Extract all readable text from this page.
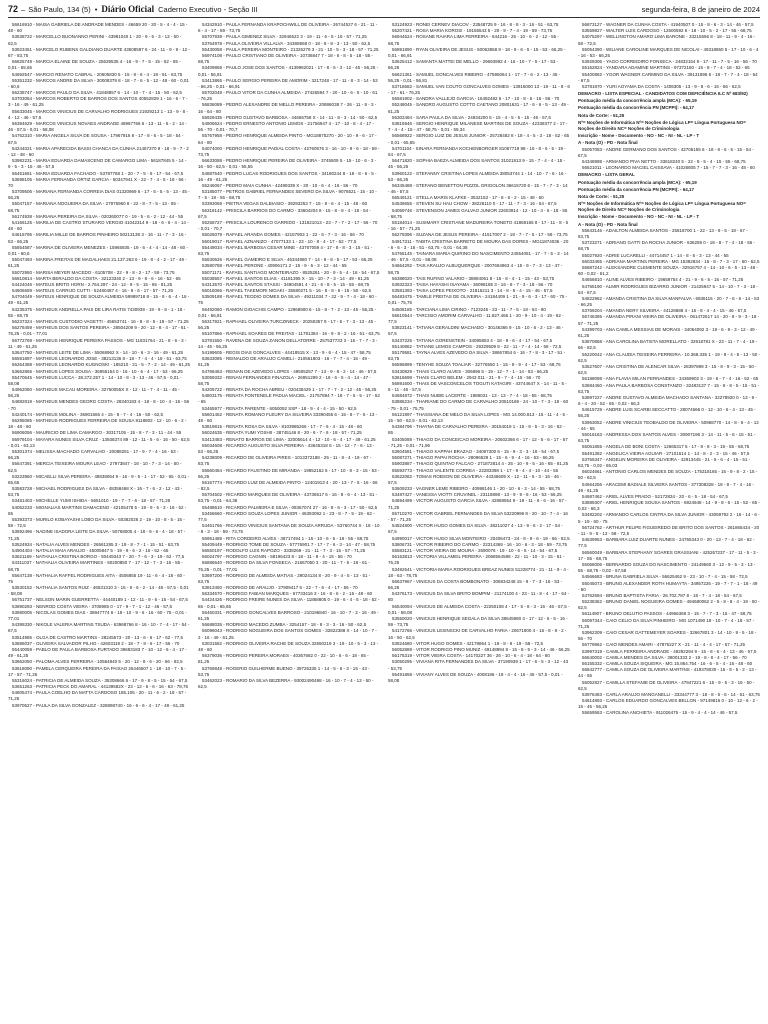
72 – São Paulo, 134 (5) • Diário Oficial Caderno Executivo - Seção III	segunda-feira, 8 de janeiro de 2024
56616910 - MAISA GABRIELA DE ANDRADE MENDES - 46659 20 - 20 - 5 - 4 - 4 - 15 - 48 - 60
53538722 - MARCELLO BUONANNO PERINI - 43981040 1 - 20 - 9 - 5 - 3 - 13 - 50 - 62,5
53823451 - MARCELO RUBENS GALDIANO DUARTE 43508587 6 - 24 - 11 - 9 - 9 - 12 - 67 - 83,75
56825749 - MARCIA ELAINE DE SOUZA - 25639535 4 - 16 - 9 - 7 - 5 - 15 - 52 - 65 - 0,01 - 65,65
54692547 - MARCIO RENATO CABRAL - 20605830 5 - 15 - 8 - 6 - 4 - 18 - 51 - 63,75
55351232 - MARCOS ANDRE DA SILVA - 30008379 8 - 18 - 7 - 6 - 5 - 12 - 48 - 60 - 0,01 - 60,6
56235747 - MARCOS PAULO DA SILVA - 41848857 6 - 14 - 10 - 7 - 4 - 15 - 50 - 62,5
53703054 - MARCOS ROBERTO DE BARROS DOS SANTOS 40552829 1 - 16 - 6 - 7 - 3 - 16 - 49 - 61,25
55633045 - MARCOS VINICIUS DE CARVALHO RODRIGUES 21929213 1 - 13 - 9 - 8 - 4 - 12 - 46 - 57,5
56384629 - MARCOS VINICIUS NOVAES ANDRADE 48967766 6 - 13 - 11 - 6 - 2 - 14 - 46 - 57,5 - 0,01 - 58,08
54762310 - MARIA ANGELA SILVA DE SOUSA - 17967916 8 - 17 - 8 - 6 - 5 - 18 - 54 - 67,5
54244021 - MARIA APARECIDA BASSI CHANCA DA CUNHA 21467370 9 - 18 - 9 - 7 - 2 - 12 - 48 - 60
53982231 - MARIA EDUARDA DAMASCENO DE CAMARGO LIMA - 56187845 5 - 14 - 9 - 5 - 3 - 15 - 46 - 57,5
56451661 - MARIA EDUARDA FACHADO - 53787768 1 - 20 - 7 - 5 - 5 - 17 - 54 - 67,5
53698105 - MARIA FERNANDA ORTIZ GARCIA - 50347941 X - 22 - 7 - 4 - 5 - 18 - 56 - 70
53709506 - MARIANA FERNANDA CORREIA DIAS 01320969 6 - 17 - 5 - 5 - 5 - 13 - 45 - 56,25
55047157 - MARIANA NOGUEIRA DA SILVA - 27975960 8 - 22 - 8 - 7 - 5 - 13 - 55 - 68,75
56174938 - MARIANA PEREIRA DA SILVA - 020360077 0 - 19 - 5 - 6 - 2 - 12 - 44 - 55
54166125 - MARILIA DE CASTRO STURARO VERGIO 41042314 9 - 18 - 6 - 6 - 4 - 14 - 48 - 60
54615795 - MARILIA MILLE DE BARROS PINHEIRO 50213138 3 - 16 - 11 - 7 - 3 - 16 - 53 - 66,25
55854587 - MARINA DE OLIVEIRA MENEZES - 15965935 - 19 - 6 - 4 - 4 - 14 - 48 - 60 - 0,01 - 60,6
55047493 - MARINA FREITAS DE MAGALHAES 21.137.263 6 - 19 - 8 - 4 - 2 - 17 - 49 - 61,25
55072950 - MARISA MEYER MACEDO - 6105708 - 22 - 9 - 8 - 2 - 17 - 59 - 73,75
56810814 - MARTA BERALDO DA COSTA - 32123340 2 - 13 - 9 - 8 - 6 - 16 - 52 - 65
54424046 - MATEUS BRITO HORN - 2.764.297 - 24 - 12 - 9 - 5 - 15 - 65 - 81,25
54606659 - MATEUS CARRIJO CUTTI - 52480487 4 - 16 - 9 - 6 - 17 - 57 - 71,25
54704049 - MATEUS HENRIQUE DE SOUZA ALMEIDA 59989718 8 - 15 - 8 - 6 - 4 - 16 - 49 - 61,25
54235375 - MATHEUS ANDRELLA PAIS DE LIRA RATIS 7430939 - 19 - 9 - 8 - 1 - 18 - 55 - 68,75
56237324 - MATHEUS CUSTODIO VAGETTI - 45653741 - 16 - 9 - 8 - 5 - 19 - 57 - 71,25
56278459 - MATHEUS DOS SANTOS PEREIRA - 28504209 9 - 20 - 12 - 8 - 4 - 17 - 61 - 76,25 - 0,01 - 77,01
56772769 - MATHEUS HENRIQUE PEREIRA PASSOS - MG 11831764 - 21 - 8 - 6 - 3 - 11 - 49 - 61,25
53647750 - MATHEUS LEITE DE LIMA - 55068962 X - 14 - 10 - 6 - 3 - 16 - 49 - 61,25
56591897 - MATHEUS LEONARDO JOSE - 38213136 8 - 18 - 7 - 4 - 4 - 18 - 51 - 63,75
56264388 - MATHEUS LEONARDO KUGNOSKI - 185210 - 21 - 5 - 7 - 2 - 14 - 49 - 61,25
53662865 - MATHEUS LOPES SOUSA - 36955154 0 - 16 - 10 - 6 - 4 - 17 - 53 - 66,25
55470645 - MATHEUS LUCCA - 38.272.257 1 - 14 - 10 - 8 - 3 - 13 - 46 - 57,5 - 0,01 - 58,08
54962060 - MATHEUS MACAU MOREIRA - 32760055X X - 12 - 11 - 7 - 4 - 11 - 45 - 56,25
54882819 - MATHEUS MENDES GEORG COSTA - 28340183 4 - 18 - 8 - 10 - 4 - 16 - 56 - 70
54240174 - MATHEUS MOLINA - 36901565 4 - 15 - 8 - 7 - 4 - 16 - 50 - 62,5
56295085 - MATHEUS RODRIGUES FERREIRA DE SOUSA 9118802 - 12 - 10 - 6 - 2 - 18 - 48 - 60
56906056 - MAURICIO DE LIMA CAMARGO - 30317105 - 15 - 8 - 7 - 3 - 11 - 44 - 55
56979104 - MAYARA NUNES SILVA CRUZ - 13938374 89 - 12 - 11 - 5 - 6 - 16 - 50 - 62,5 - 0,01 - 63,13
55301374 - MELISSA MACHADO CARVALHO - 20088251 - 17 - 9 - 7 - 4 - 16 - 53 - 66,25
55647391 - MERCIA TEIXEIRA MOURA LEAO - 27973847 - 18 - 10 - 7 - 3 - 14 - 50 - 62,5
53223960 - MICAELLI SILVA PEREIRA - 48838064 9 - 16 - 9 - 5 - 1 - 17 - 52 - 65 - 0,01 - 65,65
53583728 - MICHAEL RODRIGUES DA SILVA - 48358468 X - 16 - 7 - 6 - 2 - 12 - 43 - 53,75
53481403 - MICHELLE YUMI ISHIDA - 5651010 - 19 - 7 - 7 - 6 - 18 - 57 - 71,25
54052233 - MIGNALIAS MARTINS DAMACENO - 42105478 5 - 19 - 9 - 5 - 3 - 16 - 52 - 65
55393373 - MURILO KOBAYASHI LOBO DA SILVA - 50382026 2 - 19 - 10 - 8 - 5 - 16 - 58 - 72,5
53892496 - NADINE ISADORA LEITE DA SILVA - 50768005 4 - 18 - 9 - 6 - 4 - 18 - 57 - 71,25
53524934 - NATALIA ALVES MENDES - 26561285 3 - 19 - 8 - 7 - 1 - 15 - 51 - 63,75
54904404 - NATALIA MAIA ARAUJO - 45005847 5 - 19 - 8 - 6 - 2 - 16 - 52 - 65
53621169 - NATHALIA CRISTINA BORGO - 50449343 7 - 20 - 7 - 6 - 3 - 19 - 62 - 77,5
54311037 - NATHALIA OLIVEIRA MARTINES - 50200850 7 - 17 - 12 - 7 - 3 - 16 - 55 - 68,75
55647138 - NATHALIA RAFFEL RODRIGUES AITA - 4506855 19 - 11 - 6 - 4 - 18 - 60 - 75
53530152 - NATHALIA SANTOS RUIZ - 46531310 3 - 15 - 9 - 6 - 2 - 14 - 46 - 57,5 - 0,01 - 58,08
56751737 - NELSON MARIN GUERRETTA - 44440189 1 - 12 - 11 - 9 - 6 - 16 - 54 - 67,5
53890293 - NENROD COSTA VIEIRA - 3708985 0 - 17 - 9 - 7 - 1 - 12 - 46 - 57,5
53880005 - NICOLAS GOMES DIAS - 38947774 6 - 19 - 10 - 9 - 6 - 16 - 60 - 75 - 0,01 - 77,01
54395330 - NIKOLE VALERIA MARTINS TSUDA - 63968766 8 - 16 - 10 - 7 - 4 - 17 - 54 - 67,5
53514985 - OLGA DE CASTRO MARTINS - 28245573 - 20 - 13 - 6 - 6 - 17 - 62 - 77,5
53886037 - OLIVEIRA SALVADOR PILHO - 42603119 2 - 18 - 7 - 8 - 6 - 17 - 56 - 70
55440059 - PABLO DE PAULA BARBOSA FURTADO 39683183 7 - 10 - 12 - 6 - 4 - 17 - 49 - 61,25
53862050 - PALOMA ALVES FERREIRA - 10564840 5 - 20 - 12 - 8 - 6 - 20 - 66 - 82,5
53618090 - PAMELA CERQUEIRA PEREIRA DA PAIXAO 26446507 1 - 18 - 10 - 7 - 5 - 17 - 57 - 71,25
55316024 - PATRICIA DE ALMEIDA SOUZA - 35308666 6 - 17 - 9 - 8 - 5 - 15 - 54 - 67,5
53651263 - PATRICIA PECK DO AMARAL - 44139582X - 23 - 12 - 6 - 6 - 16 - 63 - 78,75
54805474 - PAULA COELHO DA MATTA CARDOSO 185.105 - 20 - 11 - 6 - 2 - 18 - 57 - 71,25
53970527 - PAULA DA SILVA GONZALEZ - 328898740 - 16 - 6 - 6 - 4 - 17 - 49 - 61,25
54342910 - PAULA FERNANDA KRAPOCHWILL DE OLIVEIRA - 26744527 6 - 21 - 11 - 6 - 4 - 17 - 59 - 73,75
55707939 - PAULA GIMENEZ SILVA - 32946522 3 - 19 - 11 - 6 - 5 - 16 - 57 - 71,25
53764978 - PAULA OLIVEIRA VILLALVA - 34388668 0 - 18 - 8 - 8 - 3 - 13 - 50 - 62,5
55430058 - PAULA PEREIRA MONTEIRO - 21326279 3 - 21 - 10 - 5 - 3 - 18 - 57 - 71,25
56974108 - PAULO CRISTIANO DE OLIVEIRA - 10736847 7 - 18 - 6 - 8 - 5 - 18 - 55 - 68,75
53409869 - PAULO JOSE DOS SANTOS - 4139982021 - 17 - 8 - 5 - 3 - 12 - 45 - 56,25 - 0,01 - 56,81
53413865 - PAULO SERGIO PEREIRA DE AMORIM - 3217248 - 17 - 11 - 8 - 3 - 14 - 53 - 66,25 - 0,01 - 66,91
55702048 - PAULO VITOR DA CUNHA ALMEIDA - 27426594 7 - 20 - 10 - 6 - 5 - 10 - 61 - 76,25
56836089 - PEDRO ALEXANDRE DE MELLO PEREIRA - 20886038 7 - 26 - 11 - 8 - 3 - 16 - 64 - 80
55929435 - PEDRO GUSTAVO BARBOSA - 44665758 X - 14 - 11 - 8 - 3 - 14 - 50 - 62,5
54906624 - PEDRO ERNESTO ANTONIO LEMOS - 21756947 4 - 17 - 10 - 8 - 4 - 17 - 56 - 70 - 0,01 - 70,7
55767958 - PEDRO HENRIQUE ALMEIDA PINTO - MG18875270 - 20 - 10 - 9 - 6 - 17 - 64 - 80
54074000 - PEDRO HENRIQUE PADIAL COSTA - 42760576 3 - 16 - 10 - 9 - 6 - 18 - 59 - 73,75
56633088 - PEDRO HENRIQUE PEREIRA DE OLIVEIRA - 3745509 5 - 15 - 10 - 6 - 3 - 16 - 50 - 62,5 - 0,01 - 55,55
54887540 - PEDRO LUCAS RODRIGUES DOS SANTOS - 34180244 8 - 18 - 8 - 6 - 5 - 16 - 49 - 61,25
55246067 - PEDRO MAIA CUNHA - 42499339 X - 20 - 10 - 6 - 4 - 16 - 56 - 70
53185077 - PETROS GABRIEL FERNANDES SEVERO DA SILVA - 9076521 - 15 - 10 - 7 - 5 - 18 - 55 - 68,75
53393069 - PIETRA VEGAS DALBIASIO - 39293253 7 - 15 - 8 - 6 - 4 - 15 - 48 - 60
56318142 - PRISCILA BARRIOS DO CARMO - 33604204 8 - 15 - 8 - 8 - 4 - 18 - 54 - 67,5
55258727 - PRISCILA LOURENCO GARRIDO - 131621013 - 23 - 7 - 7 - 2 - 17 - 56 - 70 - 0,01 - 70,7
55026079 - RAFAEL ARANDA GOMES - 42157903 1 - 22 - 6 - 7 - 3 - 16 - 56 - 70
56019017 - RAFAEL AZNANIZO - 47077133 1 - 23 - 10 - 8 - 4 - 17 - 62 - 77,5
55449034 - RAFAEL BARBOSA CESAR MINE - 43767059 4 - 17 - 8 - 8 - 3 - 15 - 51 - 63,75
55630626 - RAFAEL GAMEIRO E SILVA - 46344880 7 - 14 - 9 - 8 - 5 - 17 - 53 - 66,25
53580788 - RAFAEL PERONE - 40906171 2 - 15 - 9 - 5 - 3 - 12 - 44 - 55
55071171 - RAFAEL SANTIAGO MONTEIRAZO - 8525261 - 20 - 9 - 5 - 4 - 16 - 54 - 67,5
55038557 - RAFAEL SANTOS ELIAS - 41181395 X - 15 - 10 - 7 - 3 - 14 - 49 - 61,25
54313570 - RAFAEL SANTOS STASSI - 34904591 4 - 21 - 6 - 8 - 5 - 15 - 55 - 68,75
56016066 - RAFAEL TAKEMORI NIGAKI - 35580271 5 - 16 - 8 - 8 - 6 - 15 - 50 - 62,5
53509188 - RAFAEL TEODIO GOMES DA SILVA - 49211034 7 - 22 - 9 - 7 - 4 - 18 - 60 - 75
56492060 - RAMON GIOACHIS CAMPO - 12968900 6 - 15 - 8 - 7 - 2 - 13 - 45 - 56,25 - 0,01 - 56,81
56317921 - RAPHAEL OLIVEIRA TURCZINECK - 20250357 9 - 17 - 5 - 7 - 3 - 13 - 45 - 56,25
55107866 - RAPHAEL SOARES DE FREITAS - 11791384 - 16 - 9 - 8 - 2 - 16 - 51 - 63,75
53781550 - RAVENA DE SOUZA ZANON DELLATORRE - 257537733 3 - 16 - 7 - 7 - 3 - 14 - 45 - 56,25
54199605 - REGIS DIAS GONCALVES - 44418515 X - 13 - 9 - 6 - 4 - 15 - 47 - 58,75
53633085 - REINALDO DE ARAUJO CAMELI - 210561803 - 16 - 7 - 7 - 4 - 15 - 49 - 61,25
54768463 - REINAN DE AZEVEDO LOPES - 49505257 7 - 13 - 9 - 8 - 2 - 14 - 46 - 57,5
53059332 - RENAN FERNANDES FINAZOLA - 26951299 2 - 18 - 6 - 5 - 4 - 14 - 47 - 58,75
54205722 - RENATA DA ROCHA ABREU - 020438429 1 - 17 - 7 - 7 - 2 - 12 - 45 - 56,25
54803175 - RENATA FONTENELE PADUA MACIEL - 21757894 7 - 18 - 7 - 5 - 5 - 17 - 52 - 65
53465977 - RENATA PARENTE - 6050092 SSP - 18 - 9 - 4 - 4 - 15 - 50 - 62,5
55601452 - RENATA ROMANO FLEURY DA SILVEIRA 33390455 6 - 15 - 8 - 7 - 5 - 13 - 48 - 60
53819815 - RENATA ROSA DA SILVA - 8103985266 - 17 - 7 - 6 - 4 - 15 - 48 - 60
56024635 - RENATA YUMI YOSHII - 38745146 8 - 20 - 6 - 7 - 6 - 18 - 57 - 71,25
53413483 - RENATO BARROS DE LIMA - 32005614 4 - 12 - 10 - 6 - 4 - 17 - 49 - 61,25
55034608 - RICARDO AUGUSTO SILVA PEREIRA - 43645318 6 - 15 - 12 - 7 - 6 - 13 - 53 - 66,25
54238009 - RICARDO DE OLIVEIRA PIRES - 1013372188 - 25 - 11 - 8 - 4 - 19 - 67 - 83,75
55560464 - RICARDO FAUSTINO DE MIRANDA - 19852162 5 - 17 - 10 - 8 - 3 - 15 - 53 - 66,25
56167774 - RICARDO LUIZ DE ALMEIDA PINTO - 12401913 4 - 20 - 13 - 7 - 5 - 16 - 66 - 82,5
55704502 - RICARDO MARQUES DE OLIVEIRA - 43736517 6 - 16 - 8 - 6 - 4 - 13 - 51 - 63,75 - 0,01 - 64,38
55488610 - RICARDO PALMEIRA E SILVA - 08367074 27 - 16 - 8 - 6 - 3 - 17 - 50 - 62,5
53456660 - RICARDO SOUZA LOPES JUNIOR - 46393092 1 - 23 - 8 - 7 - 5 - 19 - 62 - 77,5
54461766 - RICARDO VINICIUS SANTANA DE SOUZA ARRUDA - 53760744 X - 18 - 10 - 8 - 3 - 18 - 59 - 73,75
56951488 - RITA CORDEIRO ALVES - 38717494 1 - 16 - 10 - 6 - 5 - 18 - 55 - 68,75
55409449 - RODRIGO TOME DE SOUZA - 57776901 7 - 17 - 7 - 6 - 3 - 14 - 47 - 58,75
56550197 - RODOLFO LUIS RAPOZO - 3338269 - 21 - 11 - 7 - 3 - 15 - 57 - 71,25
56024797 - RODRIGO CAGNIN - 58196423 8 - 18 - 11 - 8 - 4 - 15 - 56 - 70
56886640 - RODRIGO DA SILVA FONSECA - 21667050 3 - 20 - 11 - 7 - 5 - 18 - 61 - 76,25 - 0,01 - 77,01
53697200 - RODRIGO DE ALMEIDA MATIAS - 29024134 8 - 20 - 9 - 4 - 5 - 13 - 51 - 63,75
53813450 - RODRIGO DE ARAUJO - 27909417 6 - 22 - 7 - 6 - 4 - 17 - 56 - 70
56334570 - RODRIGO FABIAN MARQUES - 67733416 3 - 16 - 8 - 6 - 2 - 16 - 48 - 60
54424426 - RODRIGO FREIRE NUNES DA SILVA - 11868805 0 - 19 - 6 - 4 - 5 - 18 - 52 - 65 - 0,01 - 65,65
55460331 - RODRIGO GONCALVES BARROSO - 210196840 - 16 - 10 - 7 - 2 - 16 - 49 - 61,25
56688035 - RODRIGO MACEDO ZUMBA - 3254157 - 18 - 8 - 3 - 3 - 16 - 50 - 62,5
56096043 - RODRIGO NOGUEIRA DOS SANTOS GOMES - 32822388 X - 14 - 10 - 7 - 2 - 16 - 49 - 61,25
53031582 - RODRIGO OLIVEIRA RACHE DE SOUZA 32650219 3 - 19 - 10 - 5 - 3 - 13 - 48 - 60
56379036 - RODRIGO PEREIRA MORAES - 40367682 0 - 22 - 10 - 6 - 6 - 18 - 65 - 81,25
53769848 - ROGERIO GUILHERME BUENO - 39726335 1 - 14 - 5 - 6 - 3 - 15 - 43 - 53,75
53462023 - ROMARIO DA SILVA BEZERRA - 93002490498 - 16 - 10 - 7 - 4 - 13 - 50 - 62,5
53124923 - RONEI CERNEV DIACOV - 23548725 9 - 16 - 8 - 8 - 3 - 16 - 51 - 63,75
55207421 - ROSA MARIA KOROSI - 19155543 5 - 20 - 9 - 7 - 4 - 19 - 59 - 73,75
56944624 - ROSANE RAIARA LIMA FERREIRA - 644216 - 25 - 10 - 6 - 2 - 12 - 55 - 68,75
56891890 - RYAN OLIVEIRA DE JESUS - 50063868 8 - 18 - 9 - 6 - 5 - 15 - 53 - 66,25 - 0,01 - 66,91
53625412 - SAMANTA MATTEI DE MELLO - 29693992 4 - 16 - 10 - 7 - 5 - 17 - 53 - 66,25
56621361 - SAMUEL GONCALVES RIBEIRO - 47595064 1 - 17 - 7 - 6 - 2 - 13 - 45 - 56,25 - 0,01 - 56,81
53718682 - SAMUEL VAN COUTO GONCALVES GOMES - 13916000 13 - 19 - 11 - 8 - 6 - 17 - 61 - 76,25
56581902 - SANDRA VALLEJO GARCIA - 16492482 6 - 17 - 10 - 8 - 5 - 16 - 56 - 70
55248045 - SANDRO AUGUSTO COTTO CAETANO 20801631 - 17 - 6 - 6 - 5 - 13 - 49 - 61,25
55302484 - SARA PAULA DA SILVA - 24934200 5 - 15 - 4 - 5 - 5 - 15 - 46 - 57,5
53816946 - SERGIO HENRIQUE MILANESE MARTINS DE SOUZA - 42338377 2 - 17 - 7 - 4 - 4 - 15 - 47 - 58,75 - 0,01 - 59,34
56568922 - SERGIO LUIZ DE JESUS JUNIOR - 25728482 8 - 18 - 4 - 5 - 3 - 18 - 52 - 65 - 0,01 - 65,65
54701104 - SINARA FERNANDA KOCHENBORGER 81067719 88 - 16 - 8 - 6 - 5 - 19 - 54 - 67,5
56471820 - SOPHIA BAEZA ALMEIDA DOS SANTOS 31021913 9 - 15 - 7 - 4 - 4 - 15 - 45 - 56,25
53960122 - STEFANNY CRISTINA LOPES ALMEIDA 38053744 1 - 14 - 10 - 7 - 6 - 16 - 53 - 66,25
56345488 - STEFANO BENETTON PIZZOL GRIGOLON 36615720 6 - 15 - 7 - 7 - 3 - 14 - 46 - 57,5
56549121 - STELLA MARIS KLAFKE - 3532153 - 17 - 8 - 6 - 2 - 15 - 48 - 60
54538655 - STEVEN SU HAU CHOW - 38226110 0 - 17 - 11 - 7 - 3 - 16 - 54 - 67,5
54059746 - STEVENSON JAMES GALVAO JUNIOR 22603914 - 12 - 10 - 4 - 5 - 18 - 55 - 68,75
55184014 - SUSIMARY CRISTIANE MADUREIRA TONETO 41869165 8 - 17 - 11 - 8 - 5 - 16 - 57 - 71,25
56279396 - SUZANA DE JESUS PEREIRA - 41517007 2 - 18 - 7 - 7 - 5 - 17 - 59 - 73,75
54917311 - TABITA CRISTINA BARRETO DE MOURA DAS DORES - MG11874036 - 20 - 6 - 6 - 3 - 16 - 51 - 63,75 - 0,01 - 64,38
54765145 - TAINARA MARIA QUIRINO DO NASCIMENTO 24554051 - 17 - 7 - 5 - 3 - 14 - 46 - 57,5 - 0,01 - 58,08
54664292 - TAIS ARAUJO ALBUQUERQUE - 2007694963 4 - 15 - 9 - 7 - 3 - 13 - 47 - 58,75
56388020 - TAIS RUFINO VALARIO - 38894061 8 - 15 - 8 - 4 - 1 - 15 - 43 - 53,75
53932323 - TAISA HAYASHI ISAYAMA - 36098185 3 - 16 - 9 - 7 - 3 - 18 - 56 - 70
53581393 - TAISA LOPES PEIXOTO - 21816211 3 - 14 - 8 - 5 - 4 - 15 - 46 - 57,5
56483475 - TAMILE FREITAS DE OLIVEIRA - 24184409 1 - 21 - 9 - 6 - 3 - 17 - 60 - 75 - 0,01 - 75,75
54508185 - TARCIANA LIMA CIRINO - 7123245 - 23 - 11 - 7 - 5 - 18 - 64 - 80
55610544 - TARCISIO AMORIM CARVALHO - 11.827.466 1 - 20 - 9 - 10 - 4 - 19 - 62 - 77,5
53823141 - TATIANA GERALDINI MACHADO - 30146366 9 - 15 - 10 - 6 - 2 - 13 - 46 - 57,5
53437225 - TATIANA GORENSTEIN - 34095853 4 - 18 - 9 - 6 - 4 - 17 - 54 - 67,5
55140862 - TATIANE LEMOS CAMPOS - 29329509 8 - 22 - 11 - 7 - 4 - 14 - 58 - 72,5
55179581 - TAYNA ALVES AZEVEDO DA SILVA - 38667854 6 - 16 - 7 - 8 - 3 - 17 - 51 - 63,75
56596899 - TENYHE SOUZA TOALIAR - 32776550 1 - 15 - 8 - 9 - 4 - 17 - 53 - 68,75
53430829 - THAIS CLARO ALVES - 306896 5 - 19 - 12 - 7 - 1 - 14 - 53 - 66,25
53616698 - THAIS CLARO BELEM - 2943 011 - 21 - 9 - 7 - 4 - 15 - 56 - 70
56891600 - THAIS DE VASCONCELOS TOGUTI KATAGIRI - 43744647 X - 14 - 11 - 5 - 5 - 11 - 46 - 57,5
54684872 - THAIS NUBIE LACERTE - 1988031 - 13 - 13 - 7 - 4 - 18 - 55 - 68,75
53886234 - THARIANE DO CARMO DE CARVALHO 20510169 - 24 - 10 - 7 - 3 - 18 - 60 - 75 - 0,01 - 75,75
56121997 - THASSIANA DE MELO DA SILVA LOPES - MG 14.000.813 - 15 - 11 - 4 - 5 - 15 - 50 - 62,5 - 0,01 - 63,13
54384796 - THAYNA DE CARVALHO PEREIRA - 30154019 1 - 15 - 9 - 5 - 3 - 16 - 52 - 65
53405088 - THIAGO DA CONCEICAO MOREIRA - 20502366 6 - 17 - 12 - 5 - 6 - 17 - 57 - 71,25 - 0,01 - 71,96
53604581 - THIAGO KAPPAH BRAZAO - 34097300 6 - 15 - 9 - 3 - 3 - 18 - 54 - 67,5
55087271 - THIAGO PAPAI ROCHA - 28096529 1 - 15 - 6 - 9 - 4 - 16 - 53 - 66,25
55903887 - THIAGO QUINTAO FALCAO - 271872814 4 - 25 - 10 - 9 - 5 - 16 - 65 - 81,25
55593773 - THIAGO VALENTE CORREA - 22283398 1 - 17 - 9 - 4 - 4 - 10 - 44 - 55
53622082 - TOMAS ROBSON DE OLIVEIRA - 44346609 X - 12 - 11 - 5 - 3 - 15 - 46 - 57,5
53609233 - VAGNER LEME RIBEIRO - 40998146 1 - 20 - 10 - 6 - 3 - 14 - 55 - 68,75
53487427 - VANESSA VIOTTI CRUVINEL - 23118898 - 13 - 9 - 9 - 6 - 16 - 53 - 66,25
54694499 - VICTOR AUGUSTO GARCIA SILVA - 42868554 9 - 19 - 11 - 6 - 6 - 16 - 57 - 71,25
55710270 - VICTOR GABRIEL FERNANDES DA SILVA 53220996 8 - 20 - 10 - 7 - 4 - 16 - 57 - 71,25
54824800 - VICTOR HUGO GOMES DA SILVA - 38211027 4 - 13 - 9 - 6 - 2 - 17 - 54 - 67,5
54990017 - VICTOR HUGO SILVA MONTEIRO - 20406473 - 24 - 8 - 9 - 6 - 19 - 66 - 82,5
53806731 - VICTOR RIBEIRO DO CARMO - 22314369 - 16 - 10 - 6 - 3 - 18 - 59 - 73,75
55583121 - VICTOR VIEIRA DE MOURA - 2690076 - 19 - 10 - 6 - 5 - 14 - 54 - 67,5
56153813 - VICTORIA VILLAMEIL PEREIRA - 2068564588 - 22 - 11 - 10 - 3 - 15 - 61 - 76,25
53492641 - VICTORIA MARIA RODRIGUES BREAZ NUNES 51228774 - 21 - 11 - 9 - 4 - 18 - 63 - 78,75
56637967 - VINICIUS DA COSTA BOMBONATO - 306834248 15 - 9 - 7 - 3 - 16 - 53 - 66,25
54376173 - VINICIUS DA SILVA BRITO BOMPIM - 21174100 4 - 23 - 11 - 8 - 4 - 17 - 64 - 80
56540094 - VINICIUS DE ALMEIDA COSTA - 22250108 4 - 17 - 5 - 8 - 3 - 16 - 46 - 57,5 - 0,01 - 58,08
53550020 - VINICIUS HENRIQUE SEGALA DA SILVA 38645980 4 - 17 - 12 - 5 - 5 - 16 - 59 - 73,75
54172766 - VINICIUS LESINSCKI DE CARVALHO FARIA - 20671900 4 - 16 - 8 - 8 - 2 - 16 - 50 - 62,5
53824680 - VITOR HUGO GOMES - 42178864 1 - 19 - 8 - 8 - 19 - 58 - 72,5
56052889 - VITOR RODRIGO PINO MUNIZ - 49148994 8 - 15 - 8 - 5 - 3 - 14 - 46 - 56,25
56175319 - VITOR VIEIRA COSTA - 14170227 36 - 26 - 10 - 6 - 4 - 18 - 64 - 80
53050295 - VIVIANA RITA FERNANDES DA SILVA - 37190939 1 - 17 - 6 - 5 - 3 - 12 - 43 - 53,75
55491858 - VIVIANY ALVES DE SOUZA - 4008186 - 19 - 4 - 4 - 16 - 46 - 57,5 - 0,01 - 58,08
56873127 - WAGNER DA CUNHA COSTA - 41940507 0 - 15 - 8 - 6 - 3 - 14 - 46 - 57,5
53559827 - WALTER LUIS CARDOSO - 12500592 6 - 18 - 10 - 5 - 2 - 17 - 55 - 68,75
54075297 - WELLINGTON AMARO LIMA BARONE - 33215556 8 - 18 - 11 - 9 - 4 - 16 - 58 - 72,5
55054390 - WILIANE CAROLINE MARQUES DE NICOLAI - 49318860 5 - 17 - 10 - 6 - 4 - 16 - 53 - 66,25
53929306 - YAGO CORREIDIRO FONSECA - 24832154 9 - 17 - 11 - 7 - 5 - 16 - 56 - 70
55162824 - YANDARA ADAMINE MARTINS - 97372160 - 15 - 8 - 7 - 4 - 18 - 52 - 65
55400882 - YGOR WAGNER CARMINO DA SILVA - 39131896 6 - 18 - 7 - 7 - 4 - 18 - 54 - 67,5
53781970 - YURI AOYAMA DA COSTA - 1408305 - 13 - 9 - 8 - 6 - 16 - 56 - 62,5
DEMACRO - LISTA ESPECIAL - CANDIDATOS COM DEFICIÊNCIA ILC Nº 683/92)
Pontuação média da concorrência ampla (MCA): - 65,19
Pontuação média da concorrência PN (MCPPI): - 64,17
Nota de Corte: - 51,25
Nº= Noções de Informática Nº= Noções de Lógica LP= Língua Portuguesa NO= Noções de Direito NC= Noções de Criminologia
Inscrição - Nome - Documento - NO - NC - NI - NL - LP - T
A - Nota (O) - PD - Nota final
55057083 - ANDRE GERMANO DOS SANTOS - 42706155 6 - 18 - 8 - 6 - 5 - 15 - 54 - 67,5
54348998 - ARMANDO PIVA NETTO - 33618240 5 - 22 - 9 - 5 - 4 - 15 - 55 - 68,75
56621011 - LEONARDO MACIEL CAISSAVA - 41026805 7 - 15 - 7 - 7 - 3 - 16 - 48 - 60
DEMACRO - LISTA GERAL
Pontuação média da concorrência ampla (MCA): - 65,19
Pontuação média da concorrência PN (MCPPI): - 64,17
Nota de Corte: - 51,25
Nº= Noções de Informática Nº= Noções de Lógica LP= Língua Portuguesa NO= Noções de Direito NC= Noções de Criminologia
Inscrição - Nome - Documento - NO - NC - NI - NL - LP - T
A - Nota (O) - PD - Nota final
55643146 - ADAILTON ALMEIDA SANTOS - 25818700 1 - 22 - 13 - 9 - 5 - 18 - 67 - 83,75
53723271 - ADRIANO GATTI DA ROCHA JUNIOR - 636259 0 - 18 - 8 - 7 - 4 - 18 - 55 - 68,75
55027920 - ADRIE LUCARELLI - 44714457 1 - 14 - 8 - 6 - 3 - 13 - 44 - 55
56033465 - ADRIANA MARTINS PEREIRA - MG 15392834 - 15 - 8 - 7 - 3 - 17 - 50 - 62,5
56887242 - ALEKSANDRE CLEMENTE SOUZA - 32916757 4 - 14 - 10 - 6 - 5 - 13 - 48 - 60 - 0,02 - 61,2
54656810 - ALINE ALVES RIBEIRO - 19659754 4 - 21 - 9 - 6 - 5 - 16 - 57 - 71,25
54765190 - ALMIR RODRIGUES BIZARRO JUNIOR - 21425947 5 - 14 - 10 - 7 - 3 - 18 - 54 - 67,5
54822962 - AMANDA CRISTINA DA SILVA MANFALVA - 6936116 - 20 - 7 - 6 - 6 - 14 - 53 - 66,25
53769204 - AMANDA NERY SILVEIRA - 44128688 4 - 15 - 8 - 4 - 4 - 15 - 46 - 57,5
56746385 - AMANDA PIRANI VIEIRA DE OLIVEIRA - 061472617 14 - 20 - 8 - 9 - 3 - 18 - 57 - 71,25
54399703 - ANA CAMILA MESSIAS DE MORAIS - 34064092 3 - 19 - 6 - 9 - 3 - 12 - 49 - 61,25
53870858 - ANA CAROLINA BATISTA MORELLATO - 32918781 X - 23 - 11 - 7 - 4 - 19 - 66 - 82,5
56220042 - ANA CLAUDIA TEIXEIRA FERREIRA - 10.368.335 1 - 19 - 9 - 4 - 5 - 13 - 50 - 62,5
53527607 - ANA CRISTINA DE ALENCAR SILVA - 28397899 3 - 15 - 8 - 9 - 3 - 15 - 50 - 62,5
56188098 - ANA FLAVIA MILAN FERNANDES - 34369902 3 - 19 - 6 - 7 - 4 - 16 - 52 - 65
53684460 - ANA PAULA BARBOSA CONSTANZO - 32483137 7 - 15 - 8 - 8 - 5 - 15 - 51 - 63,75
53897227 - ANDRE GUSTAVO ALMEIDA MACHADO SANTANA - 32278920 0 - 13 - 9 - 6 - 4 - 20 - 52 - 65 - 0,02 - 66,3
54615729 - ANDRE LUIS SCARBI SECCATTO - 28074666 0 - 12 - 10 - 6 - 4 - 13 - 45 - 56,25
53963052 - ANDRE VINICIUS TEOBALDO DE OLIVEIRA - 50968770 - 14 - 8 - 5 - 4 - 12 - 44 - 55
55016163 - ANDRESSA DOS SANTOS ALVES - 30907196 3 - 14 - 11 - 5 - 6 - 15 - 51 - 63,75
55061855 - ANGELA DE BONI COSTA - 12665317 5 - 17 - 8 - 8 - 3 - 19 - 55 - 68,75
56491382 - ANGELICA VIEIRA AGUIAR - 27101614 1 - 14 - 8 - 2 - 3 - 15 - 46 - 57,5
53765347 - ANGELIN MOREIRA DE OLIVEIRA - 42913445 - 21 - 5 - 6 - 4 - 15 - 51 - 63,75 - 0,02 - 65,03
56024661 - ANTONIO CARLOS MENDES DE SOUZA - 175318165 - 16 - 9 - 8 - 2 - 15 - 50 - 62,5
54564256 - ARACEMI BADIALE SILVEIRA SANTOS - 377308328 - 18 - 8 - 7 - 4 - 16 - 49 - 61,25
54687462 - ARIEL ALVES PRADO - 52172834 - 20 - 6 - 5 - 18 - 54 - 67,5
53889307 - ARIEL HENRIQUE SOUSA SANTOS - 6924948 - 14 - 9 - 8 - 6 - 15 - 52 - 65 - 0,02 - 66,3
53492202 - ARMANDO CARLOS CINTRA DA SILVA JUNIOR - 43059792 2 - 16 - 14 - 6 - 5 - 19 - 60 - 75
56724762 - ARTHUR FELIPE FIGUEIREDO DE BRITO DOS SANTOS - 261865434 - 20 - 11 - 9 - 5 - 13 - 58 - 72,5
54539953 - BARBARA LUIZ DUARTE NUNES - 24765343 0 - 20 - 13 - 7 - 4 - 18 - 62 - 77,5
56560049 - BARBARA STEPHANY SOARES GRASSIANI - 425267237 - 17 - 11 - 5 - 3 - 17 - 55 - 68,75
55066006 - BERNARDO SOUZA DO NASCIMENTO - 24149560 3 - 12 - 9 - 5 - 3 - 13 - 55 - 68,75 - 0,02 - 67,58
54566683 - BRUNA GABRIELA SILVA - 56625462 9 - 23 - 10 - 7 - 4 - 15 - 58 - 72,5
55045073 - BRUNO ALEXANDER ROTH HUMAYTA - 34957226 - 19 - 7 - 7 - 1 - 18 - 49 - 60
54762694 - BRUNO BAPTISTA FARIA - 26.702.787 8 - 18 - 7 - 4 - 18 - 54 - 67,5
55238362 - BRUNO DANIEL NOGUEIRA GOMES - 494680062 2 - 5 - 8 - 8 - 4 - 19 - 50 - 62,5
56114907 - BRUNO DELUTIO PASSOS - 44966369 3 - 15 - 7 - 7 - 3 - 15 - 47 - 58,75
56097344 - CAIO CELIO DA SILVA PINHEIRO - MG 1071490 18 - 10 - 7 - 4 - 18 - 57 - 71,25
53962309 - CAIO CESAR GATTEMEYER SOARES - 32667801 3 - 14 - 10 - 9 - 5 - 18 - 56 - 70
56779962 - CAIO MENDES AMARI - 47875227 X - 21 - 11 - 4 - 4 - 17 - 57 - 71,25
53997319 - CAMILA FERREIRA ANDRADE - 49292294 9 - 15 - 8 - 6 - 4 - 13 - 46 - 57,5
56640002 - CAMILA MENDES DA SILVA - 38001333 2 - 19 - 8 - 8 - 4 - 17 - 56 - 70
56155332 - CAMILA SOUZA SIQUEIRA - MG 15.864.754 - 16 - 6 - 5 - 4 - 16 - 48 - 60
56842777 - CAMILA SOUZA DE OLIVEIRA MARTINS - 419378030 - 16 - 8 - 5 - 2 - 13 - 44 - 55
55052827 - CAMILLA STEFANIE DE OLIVEIRA - 47947221 6 - 15 - 9 - 5 - 3 - 16 - 50 - 62,5
53976483 - CARLA ARAUJO MANGANELLI - 33344777 3 - 18 - 8 - 5 - 6 - 14 - 51 - 63,75
54614893 - CARLOS EDUARDO GONCALVES BELLON - 97149816 0 - 10 - 12 - 6 - 2 - 15 - 45 - 56,25
55659563 - CAROLINA ANCHIETA - 911026475 - 15 - 9 - 4 - 4 - 14 - 46 - 57,5
